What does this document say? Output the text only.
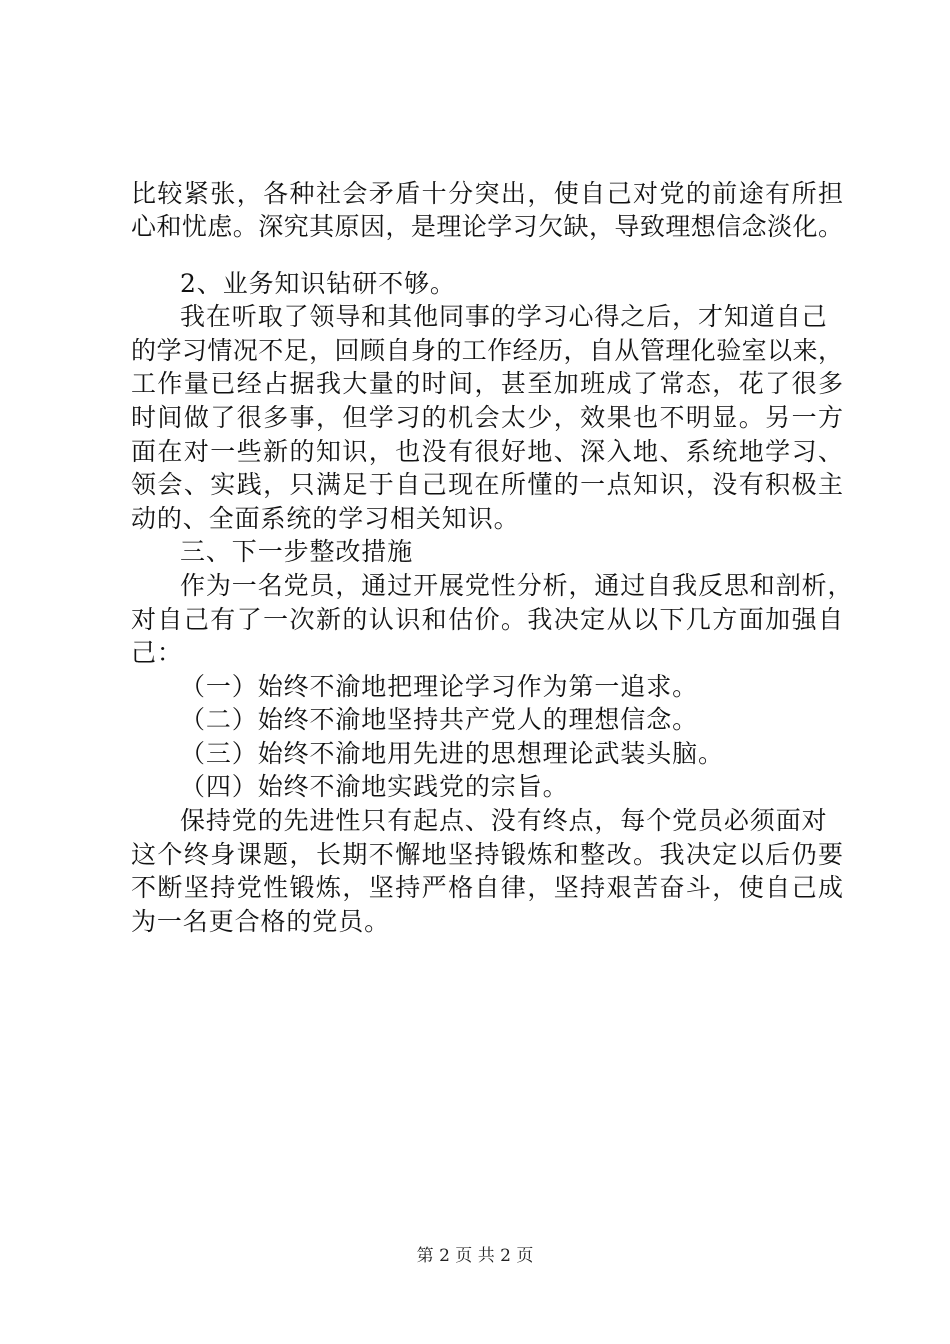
比较紧张，各种社会矛盾十分突出，使自己对党的前途有所担
心和忧虑。深究其原因，是理论学习欠缺，导致理想信念淡化。
2、业务知识钻研不够。
我在听取了领导和其他同事的学习心得之后，才知道自己
的学习情况不足，回顾自身的工作经历，自从管理化验室以来，
工作量已经占据我大量的时间，甚至加班成了常态，花了很多
时间做了很多事，但学习的机会太少，效果也不明显。另一方
面在对一些新的知识，也没有很好地、深入地、系统地学习、
领会、实践，只满足于自己现在所懂的一点知识，没有积极主
动的、全面系统的学习相关知识。
三、下一步整改措施
作为一名党员，通过开展党性分析，通过自我反思和剖析，
对自己有了一次新的认识和估价。我决定从以下几方面加强自
己：
（一）始终不渝地把理论学习作为第一追求。
（二）始终不渝地坚持共产党人的理想信念。
（三）始终不渝地用先进的思想理论武装头脑。
（四）始终不渝地实践党的宗旨。
保持党的先进性只有起点、没有终点，每个党员必须面对
这个终身课题，长期不懈地坚持锻炼和整改。我决定以后仍要
不断坚持党性锻炼，坚持严格自律，坚持艰苦奋斗，使自己成
为一名更合格的党员。
第 2 页 共 2 页
